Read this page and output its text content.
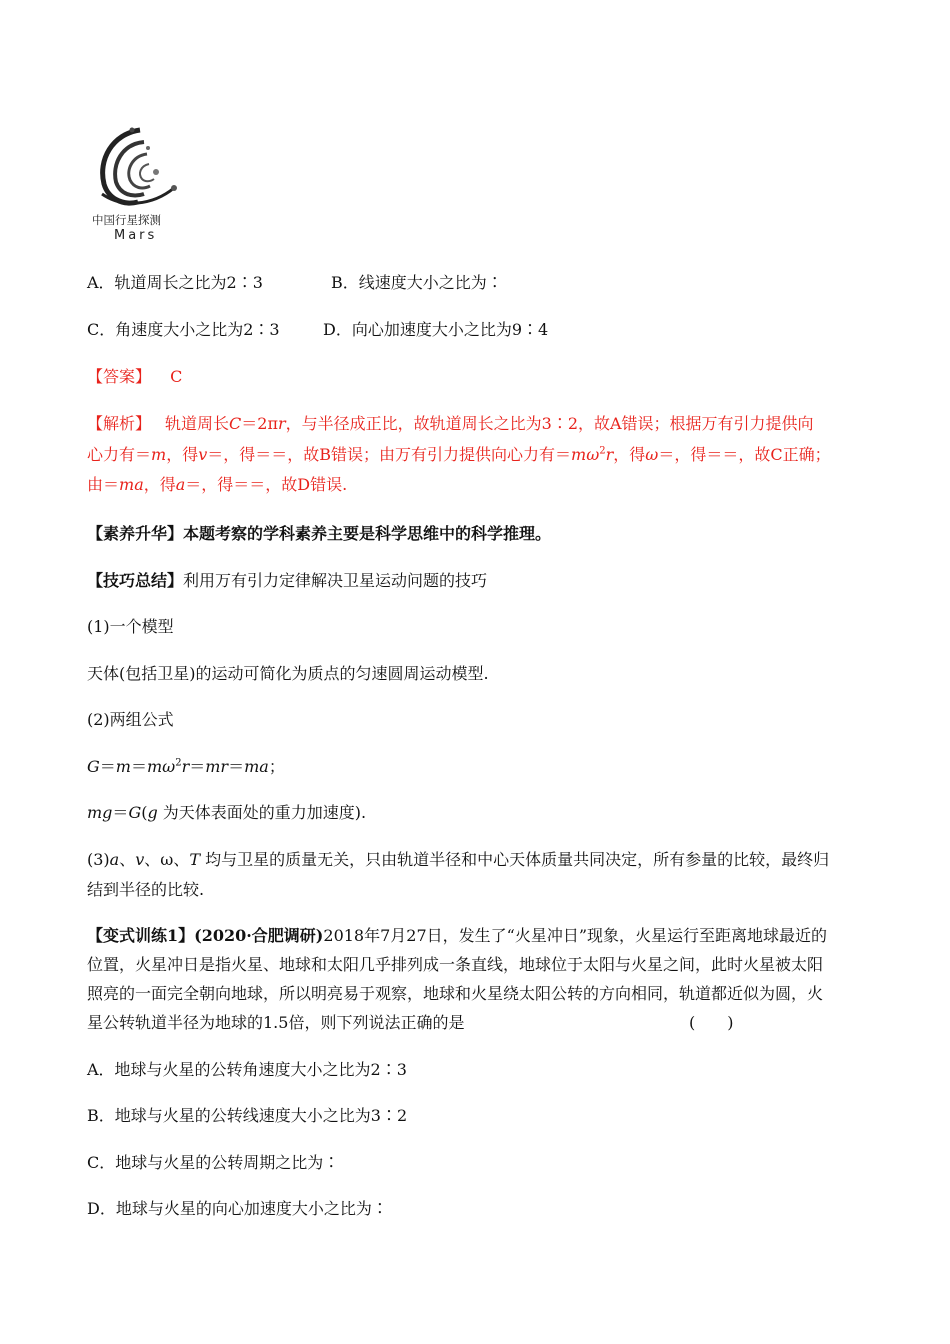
中国行星探测
Mars
A．轨道周长之比为2∶3	B．线速度大小之比为∶
C．角速度大小之比为2∶3	D．向心加速度大小之比为9∶4
【答案】 C
【解析】 轨道周长C＝2πr，与半径成正比，故轨道周长之比为3∶2，故A错误；根据万有引力提供向
心力有＝m，得v＝，得＝＝，故B错误；由万有引力提供向心力有$=m\omega^2r$，得ω＝，得＝＝，故C正确；
由＝ma，得a＝，得＝＝，故D错误.
【素养升华】本题考察的学科素养主要是科学思维中的科学推理。
【技巧总结】利用万有引力定律解决卫星运动问题的技巧
(1)一个模型
天体(包括卫星)的运动可简化为质点的匀速圆周运动模型.
(2)两组公式
$G=m=m\omega^2r=mr=ma$；
mg＝G(g 为天体表面处的重力加速度).
(3)a、v、ω、T 均与卫星的质量无关，只由轨道半径和中心天体质量共同决定，所有参量的比较，最终归
结到半径的比较.
【变式训练1】(2020·合肥调研)2018年7月27日，发生了“火星冲日”现象，火星运行至距离地球最近的
位置，火星冲日是指火星、地球和太阳几乎排列成一条直线，地球位于太阳与火星之间，此时火星被太阳
照亮的一面完全朝向地球，所以明亮易于观察，地球和火星绕太阳公转的方向相同，轨道都近似为圆，火
星公转轨道半径为地球的1.5倍，则下列说法正确的是	(　　)
A．地球与火星的公转角速度大小之比为2∶3
B．地球与火星的公转线速度大小之比为3∶2
C．地球与火星的公转周期之比为∶
D．地球与火星的向心加速度大小之比为∶
